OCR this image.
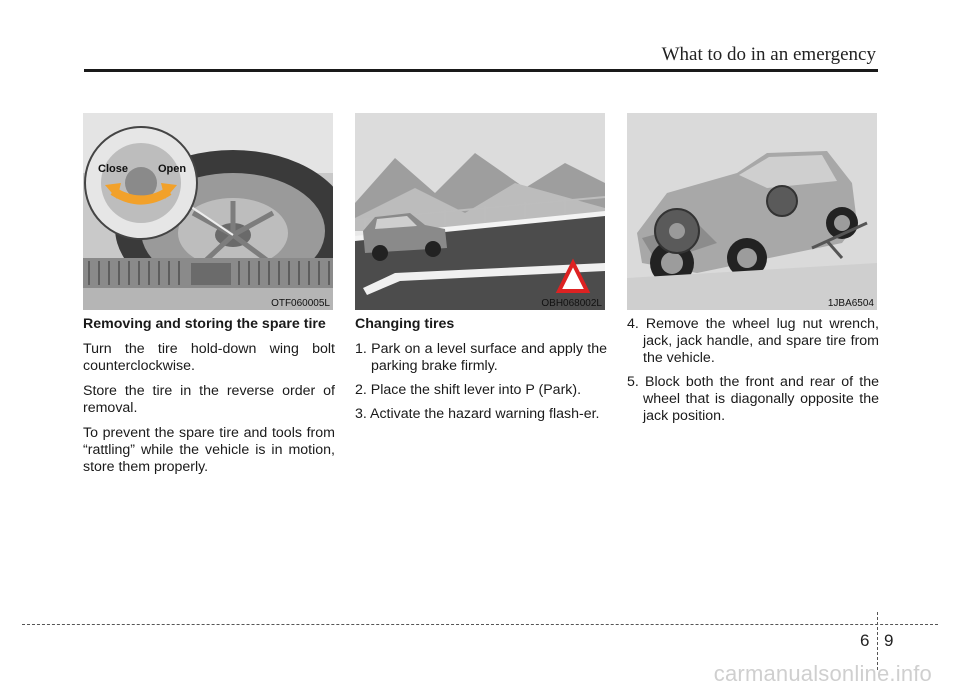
What to do in an emergency
Close	Open
OTF060005L	OBH068002L	1JBA6504
Removing and storing the spare tire

Turn the tire hold-down wing bolt counterclockwise.

Store the tire in the reverse order of removal.

To prevent the spare tire and tools from “rattling” while the vehicle is in motion, store them properly.

Changing tires
1. Park on a level surface and apply the parking brake firmly.
2. Place the shift lever into P (Park).
3. Activate the hazard warning flash-er.
4. Remove the wheel lug nut wrench, jack, jack handle, and spare tire from the vehicle.
5. Block both the front and rear of the wheel that is diagonally opposite the jack position.
6 9
carmanualsonline.info
